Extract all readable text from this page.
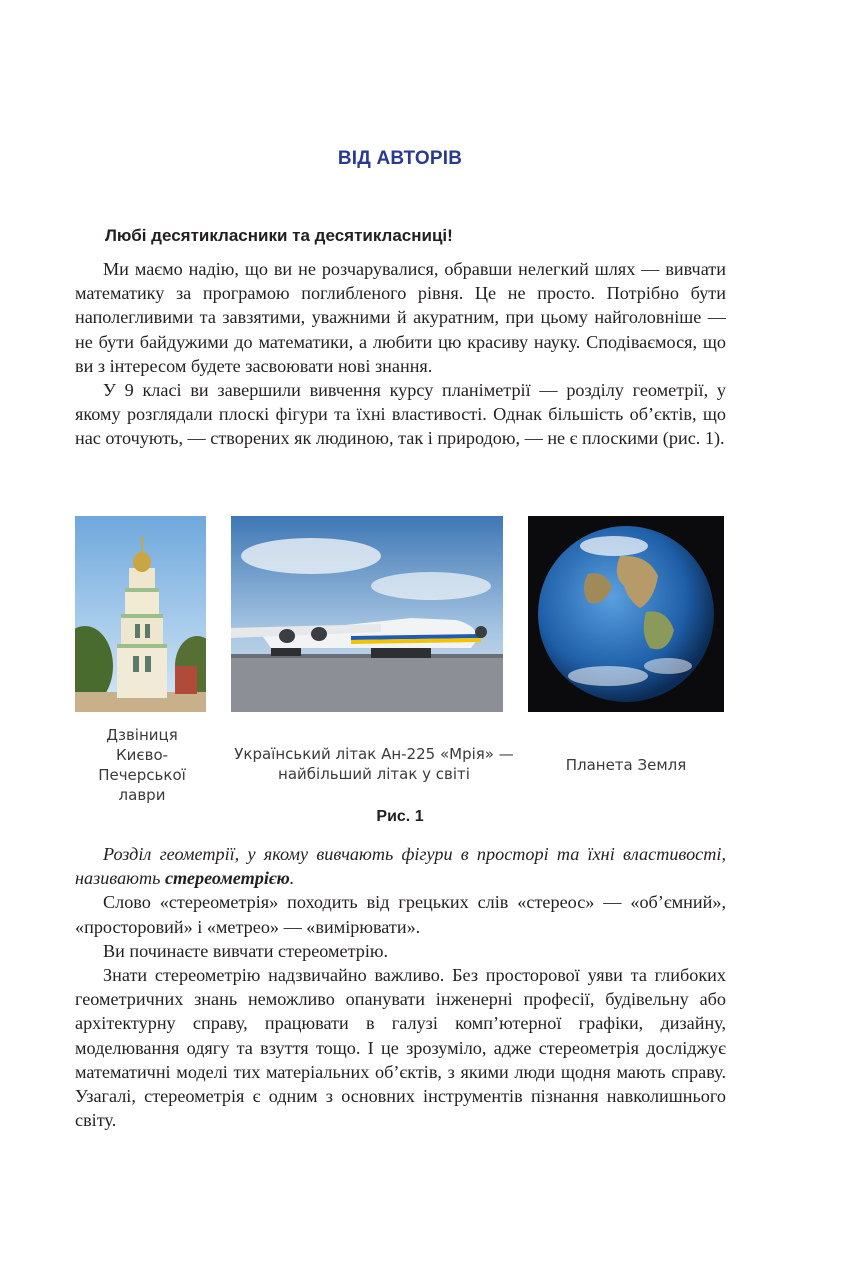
ВІД АВТОРІВ
Любі десятикласники та десятикласниці!

Ми маємо надію, що ви не розчарувалися, обравши нелегкий шлях — вивчати математику за програмою поглибленого рівня. Це не просто. Потрібно бути наполегливими та завзятими, уважними й акуратним, при цьому найголовніше — не бути байдужими до математики, а любити цю красиву науку. Сподіваємося, що ви з інтересом будете засвоювати нові знання.

У 9 класі ви завершили вивчення курсу планіметрії — розділу геометрії, у якому розглядали плоскі фігури та їхні властивості. Однак більшість об’єктів, що нас оточують, — створених як людиною, так і природою, — не є плоскими (рис. 1).

Дзвіниця Києво-Печерської лаври
Український літак Ан-225 «Мрія» — найбільший літак у світі	Планета Земля
Рис. 1

Розділ геометрії, у якому вивчають фігури в просторі та їхні властивості, називають стереометрією.

Слово «стереометрія» походить від грецьких слів «стереос» — «об’ємний», «просторовий» і «метрео» — «вимірювати».

Ви починаєте вивчати стереометрію.

Знати стереометрію надзвичайно важливо. Без просторової уяви та глибоких геометричних знань неможливо опанувати інженерні професії, будівельну або архітектурну справу, працювати в галузі комп’ютерної графіки, дизайну, моделювання одягу та взуття тощо. І це зрозуміло, адже стереометрія досліджує математичні моделі тих матеріальних об’єктів, з якими люди щодня мають справу. Узагалі, стереометрія є одним з основних інструментів пізнання навколишнього світу.
